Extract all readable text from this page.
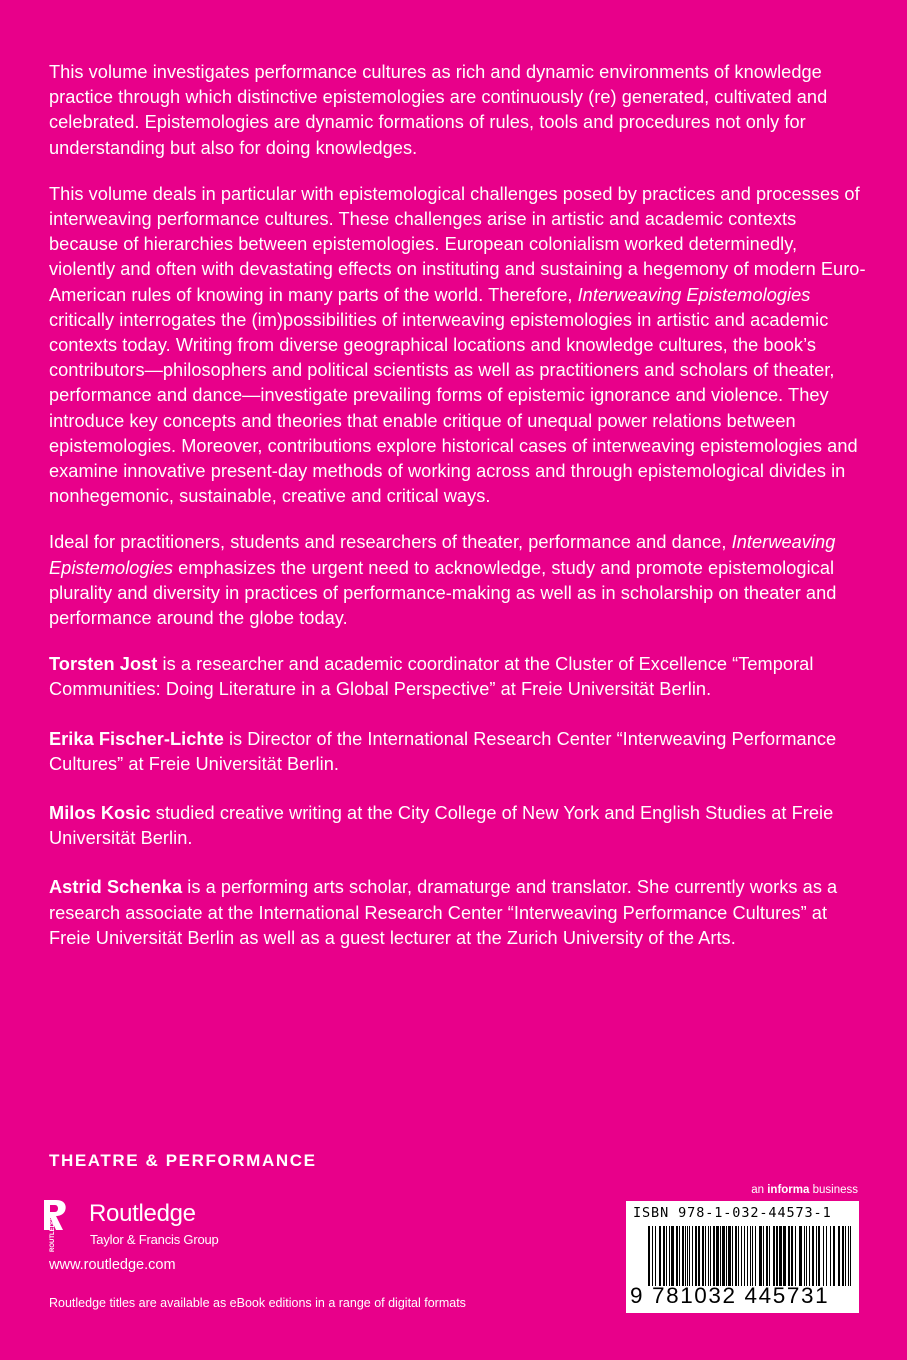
This volume investigates performance cultures as rich and dynamic environments of knowledge practice through which distinctive epistemologies are continuously (re) generated, cultivated and celebrated. Epistemologies are dynamic formations of rules, tools and procedures not only for understanding but also for doing knowledges.

This volume deals in particular with epistemological challenges posed by practices and processes of interweaving performance cultures. These challenges arise in artistic and academic contexts because of hierarchies between epistemologies. European colonialism worked determinedly, violently and often with devastating effects on instituting and sustaining a hegemony of modern Euro-American rules of knowing in many parts of the world. Therefore, Interweaving Epistemologies critically interrogates the (im)possibilities of interweaving epistemologies in artistic and academic contexts today. Writing from diverse geographical locations and knowledge cultures, the book’s contributors—philosophers and political scientists as well as practitioners and scholars of theater, performance and dance—investigate prevailing forms of epistemic ignorance and violence. They introduce key concepts and theories that enable critique of unequal power relations between epistemologies. Moreover, contributions explore historical cases of interweaving epistemologies and examine innovative present-day methods of working across and through epistemological divides in nonhegemonic, sustainable, creative and critical ways.

Ideal for practitioners, students and researchers of theater, performance and dance, Interweaving Epistemologies emphasizes the urgent need to acknowledge, study and promote epistemological plurality and diversity in practices of performance-making as well as in scholarship on theater and performance around the globe today.

Torsten Jost is a researcher and academic coordinator at the Cluster of Excellence “Temporal Communities: Doing Literature in a Global Perspective” at Freie Universität Berlin.

Erika Fischer-Lichte is Director of the International Research Center “Interweaving Performance Cultures” at Freie Universität Berlin.

Milos Kosic studied creative writing at the City College of New York and English Studies at Freie Universität Berlin.

Astrid Schenka is a performing arts scholar, dramaturge and translator. She currently works as a research associate at the International Research Center “Interweaving Performance Cultures” at Freie Universität Berlin as well as a guest lecturer at the Zurich University of the Arts.

THEATRE & PERFORMANCE
ROUTLEDGE
Routledge
Taylor & Francis Group
www.routledge.com
Routledge titles are available as eBook editions in a range of digital formats
an informa business
ISBN 978-1-032-44573-1
9 781032 445731
